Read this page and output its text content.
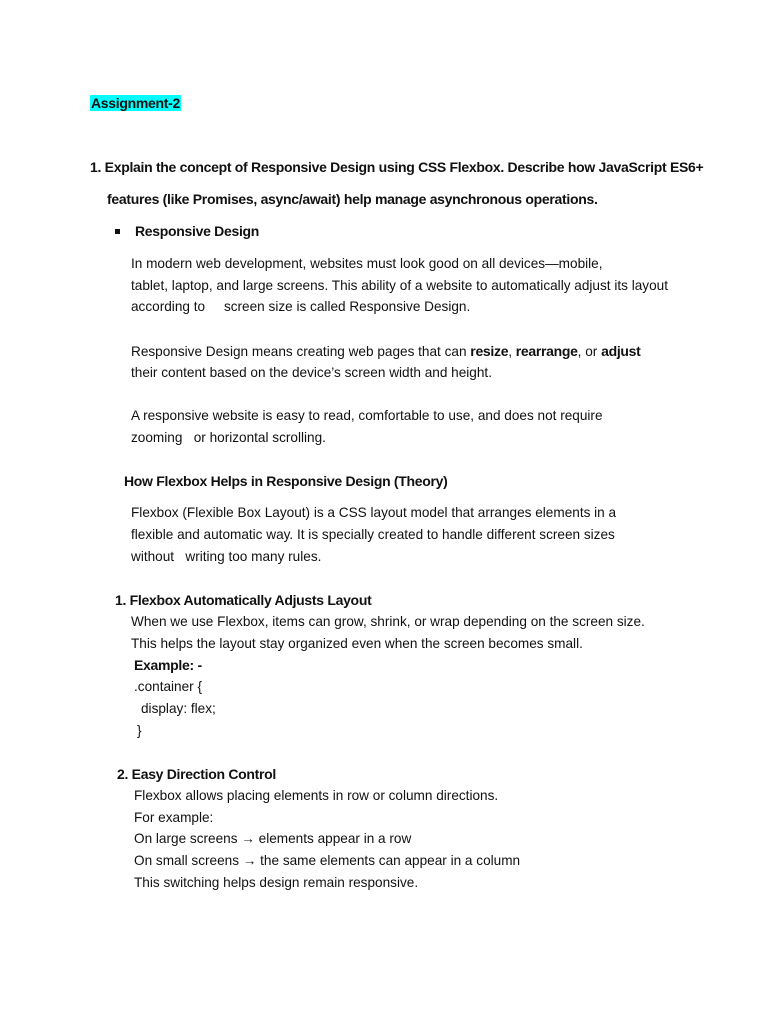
Assignment-2
1. Explain the concept of Responsive Design using CSS Flexbox. Describe how JavaScript ES6+
features (like Promises, async/await) help manage asynchronous operations.
Responsive Design
In modern web development, websites must look good on all devices—mobile,
tablet, laptop, and large screens. This ability of a website to automatically adjust its layout
according to     screen size is called Responsive Design.
Responsive Design means creating web pages that can resize, rearrange, or adjust
their content based on the device’s screen width and height.
A responsive website is easy to read, comfortable to use, and does not require
zooming   or horizontal scrolling.
How Flexbox Helps in Responsive Design (Theory)
Flexbox (Flexible Box Layout) is a CSS layout model that arranges elements in a
flexible and automatic way. It is specially created to handle different screen sizes
without   writing too many rules.
1. Flexbox Automatically Adjusts Layout
When we use Flexbox, items can grow, shrink, or wrap depending on the screen size.
This helps the layout stay organized even when the screen becomes small.
Example: -
.container {
display: flex;
}
2. Easy Direction Control
Flexbox allows placing elements in row or column directions.
For example:
On large screens → elements appear in a row
On small screens → the same elements can appear in a column
This switching helps design remain responsive.
